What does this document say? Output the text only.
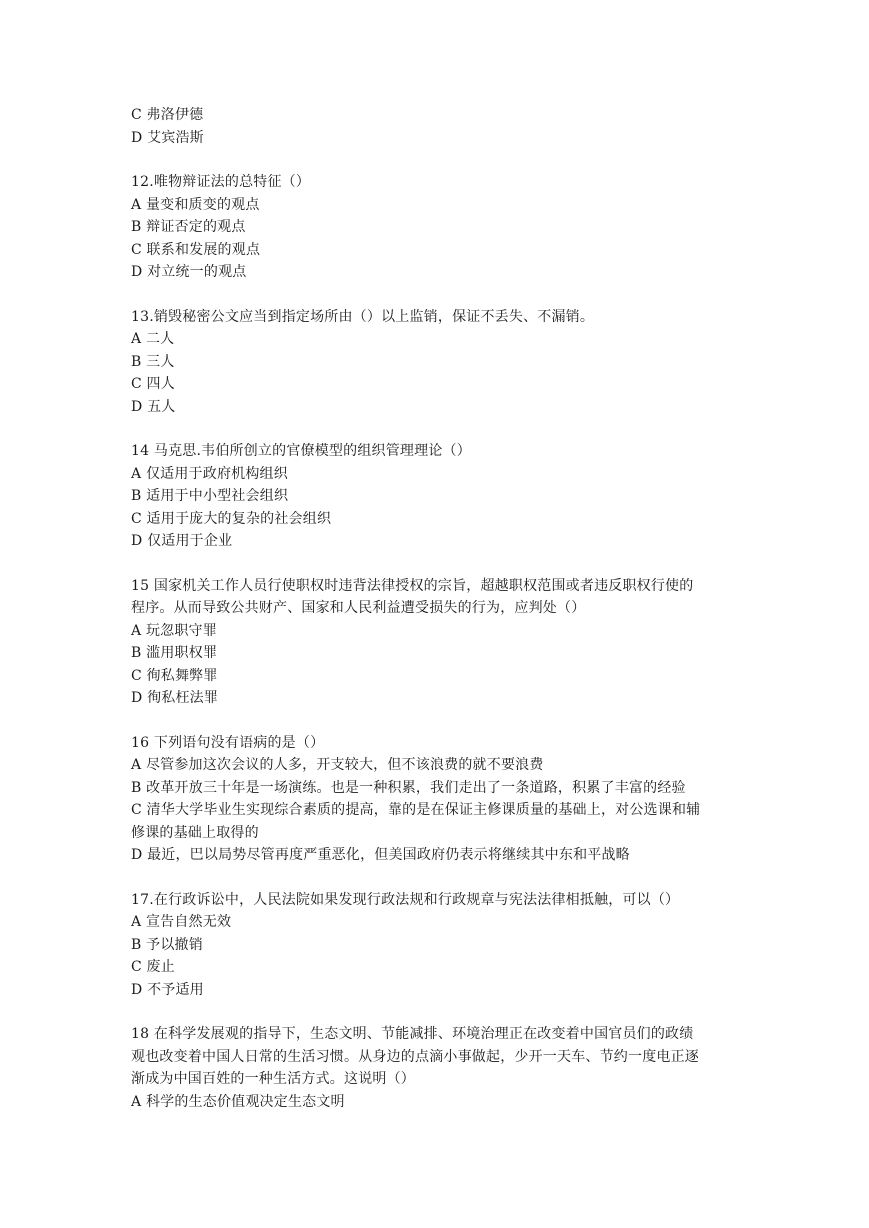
C 弗洛伊德
D 艾宾浩斯
12.唯物辩证法的总特征（）
A 量变和质变的观点
B 辩证否定的观点
C 联系和发展的观点
D 对立统一的观点
13.销毁秘密公文应当到指定场所由（）以上监销，保证不丢失、不漏销。
A 二人
B 三人
C 四人
D 五人
14 马克思.韦伯所创立的官僚模型的组织管理理论（）
A 仅适用于政府机构组织
B 适用于中小型社会组织
C 适用于庞大的复杂的社会组织
D 仅适用于企业
15 国家机关工作人员行使职权时违背法律授权的宗旨，超越职权范围或者违反职权行使的
程序。从而导致公共财产、国家和人民利益遭受损失的行为，应判处（）
A 玩忽职守罪
B 滥用职权罪
C 徇私舞弊罪
D 徇私枉法罪
16 下列语句没有语病的是（）
A 尽管参加这次会议的人多，开支较大，但不该浪费的就不要浪费
B 改革开放三十年是一场演练。也是一种积累，我们走出了一条道路，积累了丰富的经验
C 清华大学毕业生实现综合素质的提高，靠的是在保证主修课质量的基础上，对公选课和辅
修课的基础上取得的
D 最近，巴以局势尽管再度严重恶化，但美国政府仍表示将继续其中东和平战略
17.在行政诉讼中，人民法院如果发现行政法规和行政规章与宪法法律相抵触，可以（）
A 宣告自然无效
B 予以撤销
C 废止
D 不予适用
18 在科学发展观的指导下，生态文明、节能减排、环境治理正在改变着中国官员们的政绩
观也改变着中国人日常的生活习惯。从身边的点滴小事做起，少开一天车、节约一度电正逐
渐成为中国百姓的一种生活方式。这说明（）
A 科学的生态价值观决定生态文明
